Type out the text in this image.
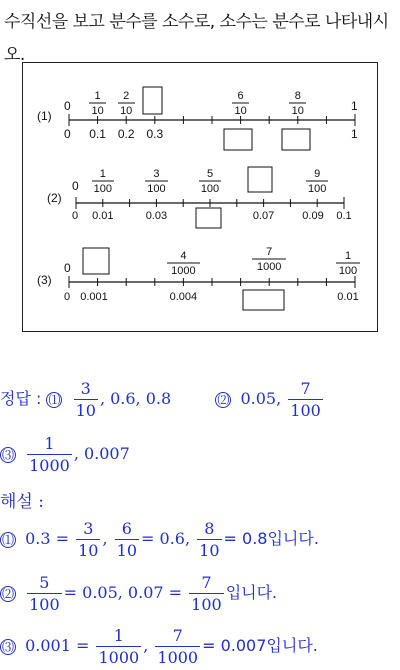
수직선을 보고 분수를 소수로, 소수는 분수로 나타내시오.
(1)
0
1
10
2
10
6
10
8
10	1
0 0.1 0.2 0.3	1
(2)
0
1
100
3
100
5
100
9
100
0 0.01	0.03	0.07	0.09 0.1
(3)
0
4
1000
7
1000
1
100
0 0.001	0.004	0.01
정답 : ⑴ $\frac{3}{10}$ , 0.6, 0.8	⑵ 0.05, $\frac{7}{100}$
⑶ $\frac{1}{1000}$ , 0.007
해설 :
⑴ $0.3 = \frac{3}{10}$ , $\frac{6}{10} = 0.6$, $\frac{8}{10} = 0.8$입니다.
⑵ $\frac{5}{100} = 0.05$, $0.07 = \frac{7}{100}$ 입니다.
⑶ $0.001 = \frac{1}{1000}$ , $\frac{7}{1000} = 0.007$입니다.
